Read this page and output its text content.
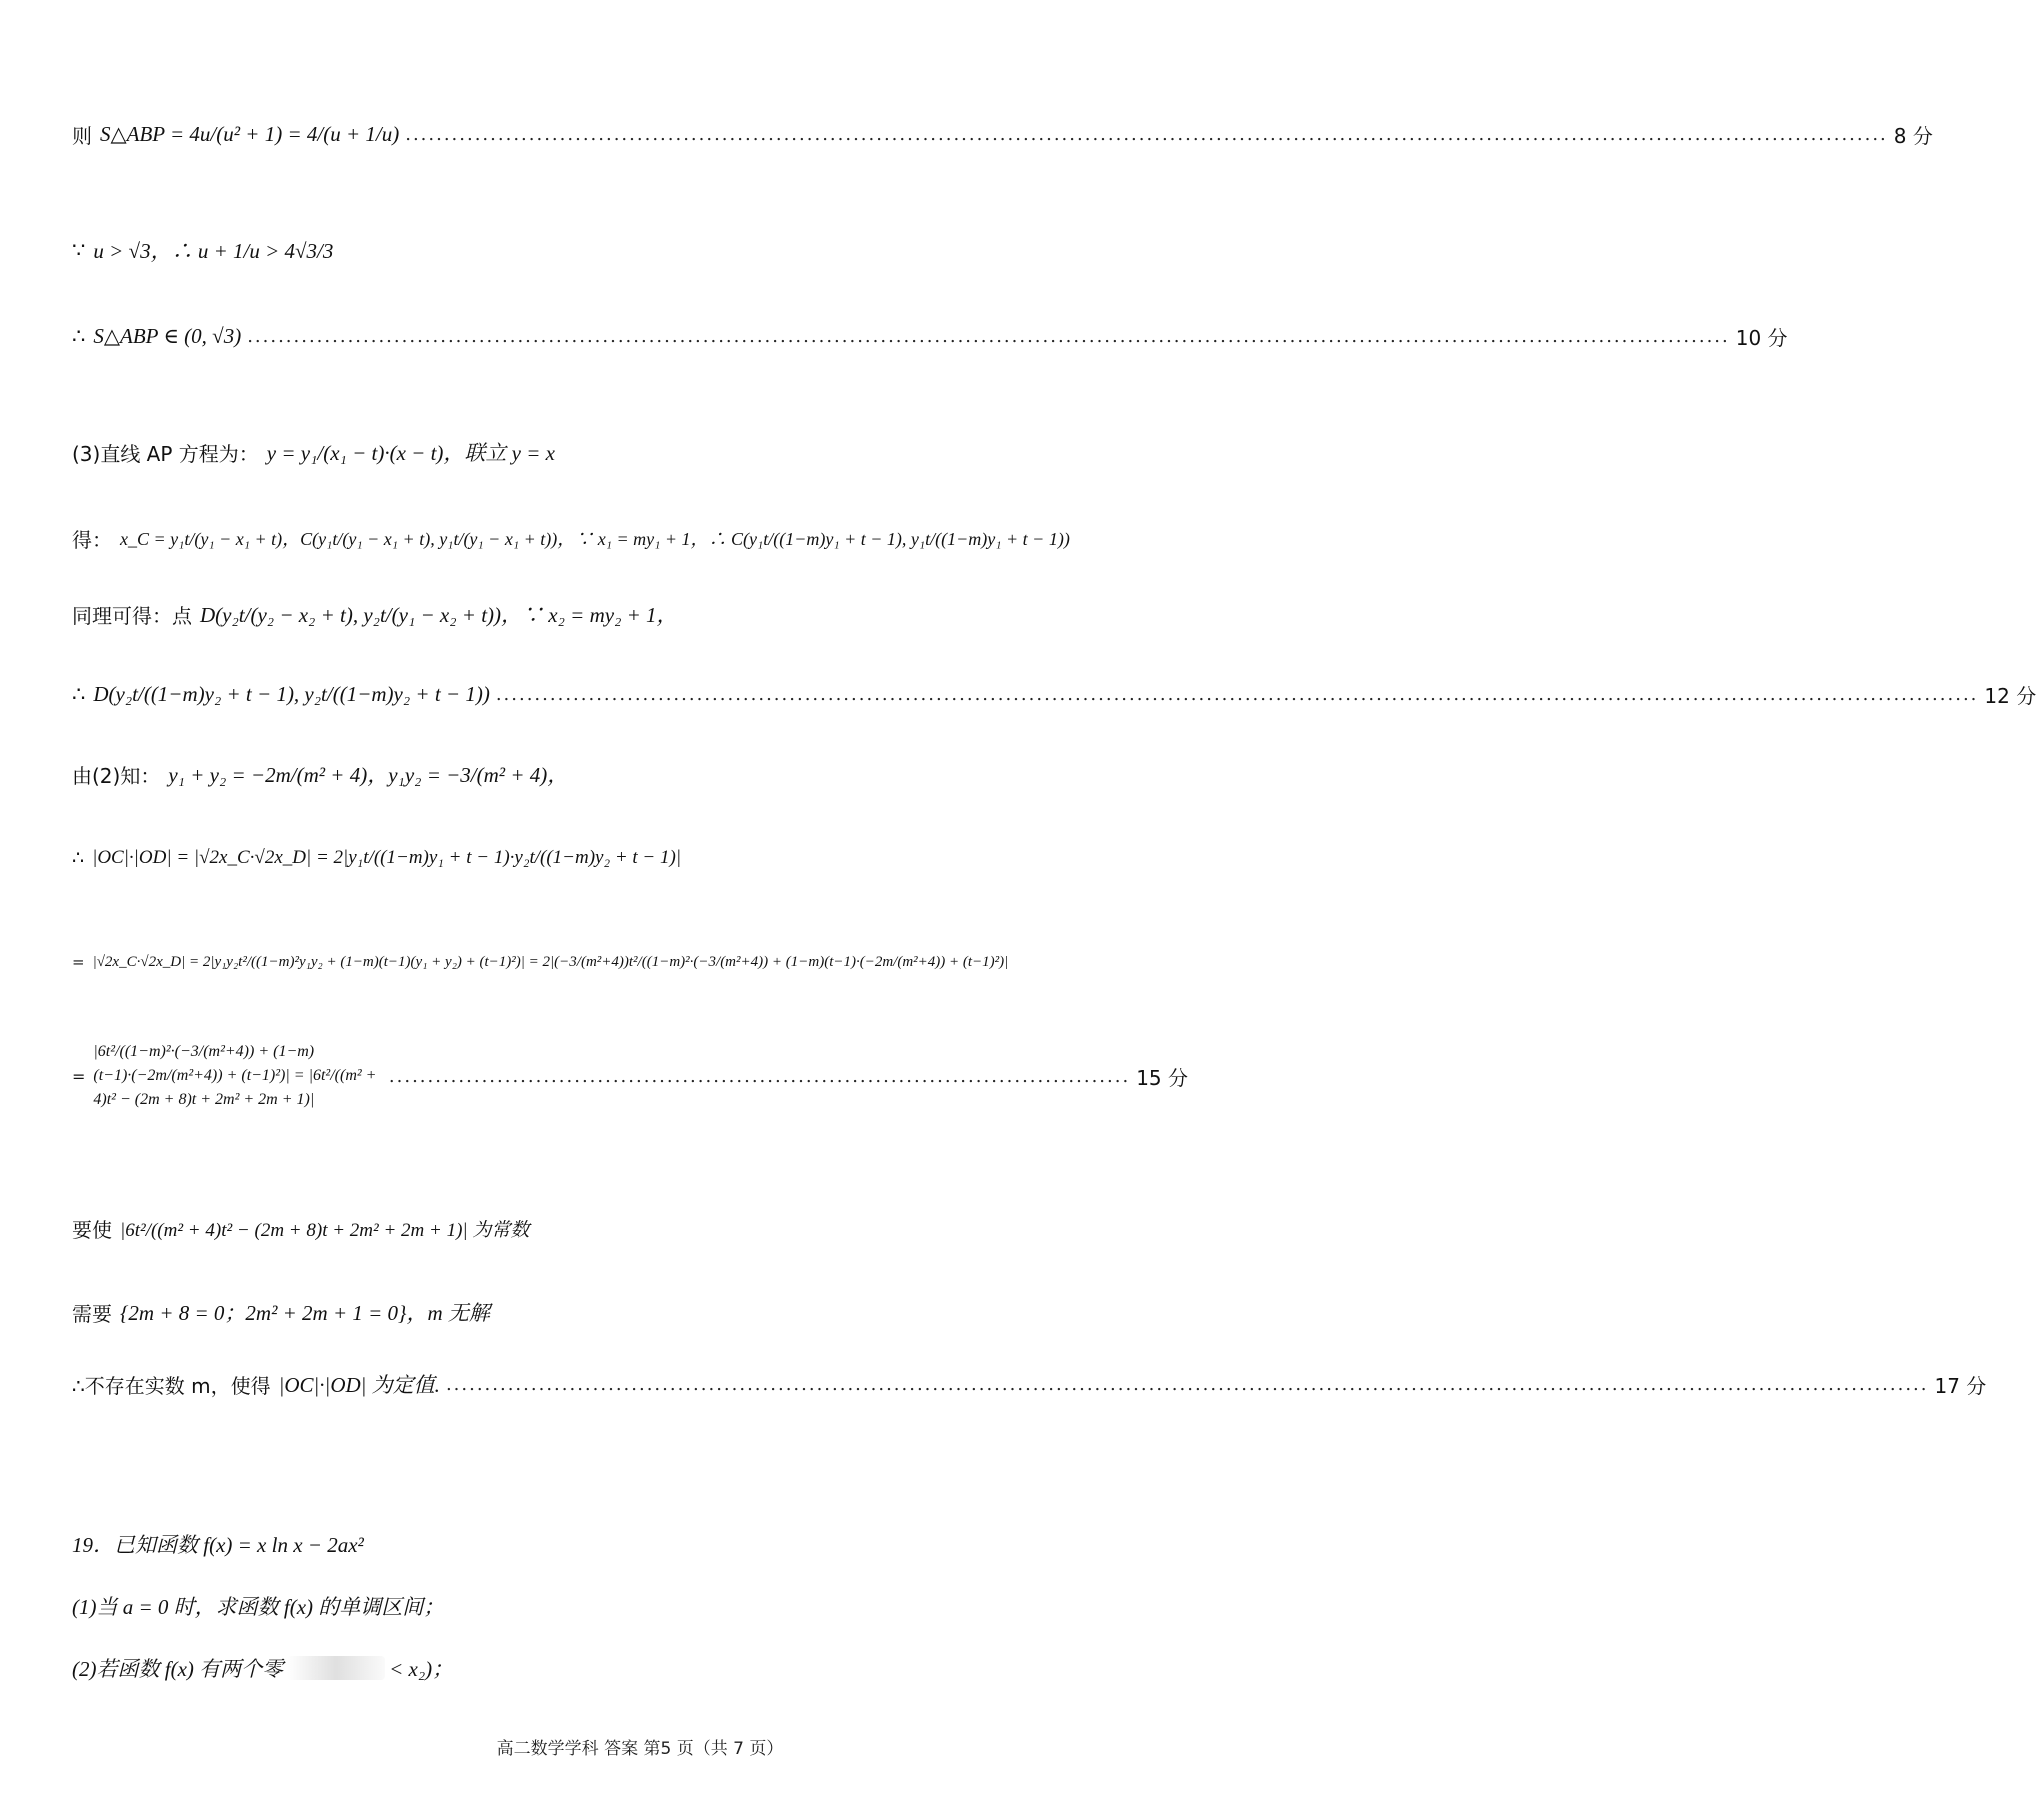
则 S△ABP = 4u/(u² + 1) = 4/(u + 1/u) ................................................................................................................................................................................................ 8 分
∵ u > √3，∴ u + 1/u > 4√3/3
∴ S△ABP ∈ (0, √3) ................................................................................................................................................................................................ 10 分
(3)直线 AP 方程为： y = y₁/(x₁ − t)·(x − t)，联立 y = x
得： x_C = y₁t/(y₁ − x₁ + t)，C(y₁t/(y₁ − x₁ + t), y₁t/(y₁ − x₁ + t))，∵ x₁ = my₁ + 1，∴ C(y₁t/((1−m)y₁ + t − 1), y₁t/((1−m)y₁ + t − 1))
同理可得：点 D(y₂t/(y₂ − x₂ + t), y₂t/(y₁ − x₂ + t))，∵ x₂ = my₂ + 1，
∴ D(y₂t/((1−m)y₂ + t − 1), y₂t/((1−m)y₂ + t − 1)) ................................................................................................................................................................................................ 12 分
由(2)知： y₁ + y₂ = −2m/(m² + 4)，y₁y₂ = −3/(m² + 4)，
∴ |OC|·|OD| = |√2x_C·√2x_D| = 2|y₁t/((1−m)y₁ + t − 1)·y₂t/((1−m)y₂ + t − 1)|
= |√2x_C·√2x_D| = 2|y₁y₂t²/((1−m)²y₁y₂ + (1−m)(t−1)(y₁ + y₂) + (t−1)²)| = 2|(−3/(m²+4))t²/((1−m)²·(−3/(m²+4)) + (1−m)(t−1)·(−2m/(m²+4)) + (t−1)²)|
=
|6t²/((1−m)²·(−3/(m²+4)) + (1−m)(t−1)·(−2m/(m²+4)) + (t−1)²)| = |6t²/((m² + 4)t² − (2m + 8)t + 2m² + 2m + 1)|
................................................................................................ 15 分
要使 |6t²/((m² + 4)t² − (2m + 8)t + 2m² + 2m + 1)| 为常数
需要 {2m + 8 = 0；2m² + 2m + 1 = 0}，m 无解
∴不存在实数 m，使得 |OC|·|OD| 为定值. ................................................................................................................................................................................................ 17 分
19．已知函数 f(x) = x ln x − 2ax²
(1)当 a = 0 时，求函数 f(x) 的单调区间；
(2)若函数 f(x) 有两个零	< x₂)；
高二数学学科 答案 第5 页（共 7 页）
